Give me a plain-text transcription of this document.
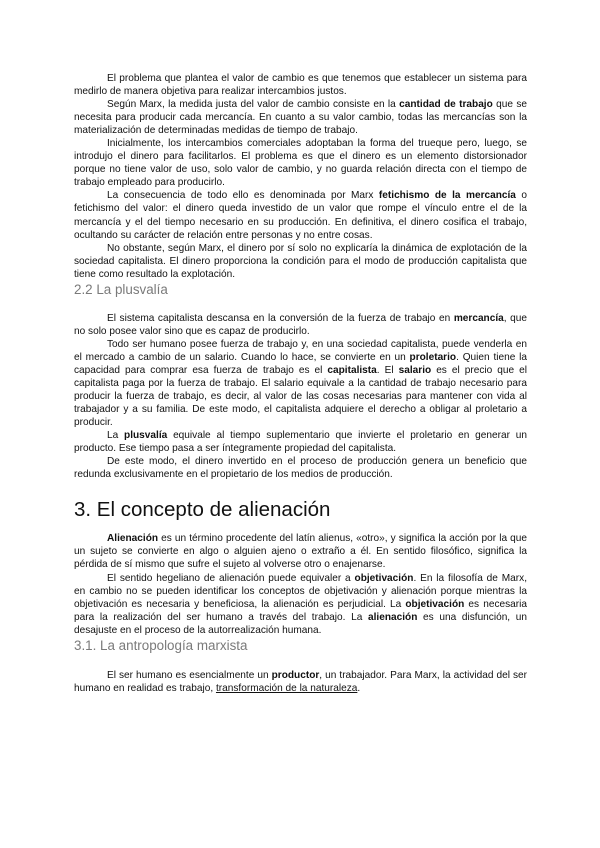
El problema que plantea el valor de cambio es que tenemos que establecer un sistema para medirlo de manera objetiva para realizar intercambios justos.

Según Marx, la medida justa del valor de cambio consiste en la cantidad de trabajo que se necesita para producir cada mercancía. En cuanto a su valor cambio, todas las mercancías son la materialización de determinadas medidas de tiempo de trabajo.

Inicialmente, los intercambios comerciales adoptaban la forma del trueque pero, luego, se introdujo el dinero para facilitarlos. El problema es que el dinero es un elemento distorsionador porque no tiene valor de uso, solo valor de cambio, y no guarda relación directa con el tiempo de trabajo empleado para producirlo.

La consecuencia de todo ello es denominada por Marx fetichismo de la mercancía o fetichismo del valor: el dinero queda investido de un valor que rompe el vínculo entre el de la mercancía y el del tiempo necesario en su producción. En definitiva, el dinero cosifica el trabajo, ocultando su carácter de relación entre personas y no entre cosas.

No obstante, según Marx, el dinero por sí solo no explicaría la dinámica de explotación de la sociedad capitalista. El dinero proporciona la condición para el modo de producción capitalista que tiene como resultado la explotación.

2.2 La plusvalía

El sistema capitalista descansa en la conversión de la fuerza de trabajo en mercancía, que no solo posee valor sino que es capaz de producirlo.

Todo ser humano posee fuerza de trabajo y, en una sociedad capitalista, puede venderla en el mercado a cambio de un salario. Cuando lo hace, se convierte en un proletario. Quien tiene la capacidad para comprar esa fuerza de trabajo es el capitalista. El salario es el precio que el capitalista paga por la fuerza de trabajo. El salario equivale a la cantidad de trabajo necesario para producir la fuerza de trabajo, es decir, al valor de las cosas necesarias para mantener con vida al trabajador y a su familia. De este modo, el capitalista adquiere el derecho a obligar al proletario a producir.

La plusvalía equivale al tiempo suplementario que invierte el proletario en generar un producto. Ese tiempo pasa a ser íntegramente propiedad del capitalista.

De este modo, el dinero invertido en el proceso de producción genera un beneficio que redunda exclusivamente en el propietario de los medios de producción.

3. El concepto de alienación

Alienación es un término procedente del latín alienus, «otro», y significa la acción por la que un sujeto se convierte en algo o alguien ajeno o extraño a él. En sentido filosófico, significa la pérdida de sí mismo que sufre el sujeto al volverse otro o enajenarse.

El sentido hegeliano de alienación puede equivaler a objetivación. En la filosofía de Marx, en cambio no se pueden identificar los conceptos de objetivación y alienación porque mientras la objetivación es necesaria y beneficiosa, la alienación es perjudicial. La objetivación es necesaria para la realización del ser humano a través del trabajo. La alienación es una disfunción, un desajuste en el proceso de la autorrealización humana.

3.1. La antropología marxista

El ser humano es esencialmente un productor, un trabajador. Para Marx, la actividad del ser humano en realidad es trabajo, transformación de la naturaleza.
